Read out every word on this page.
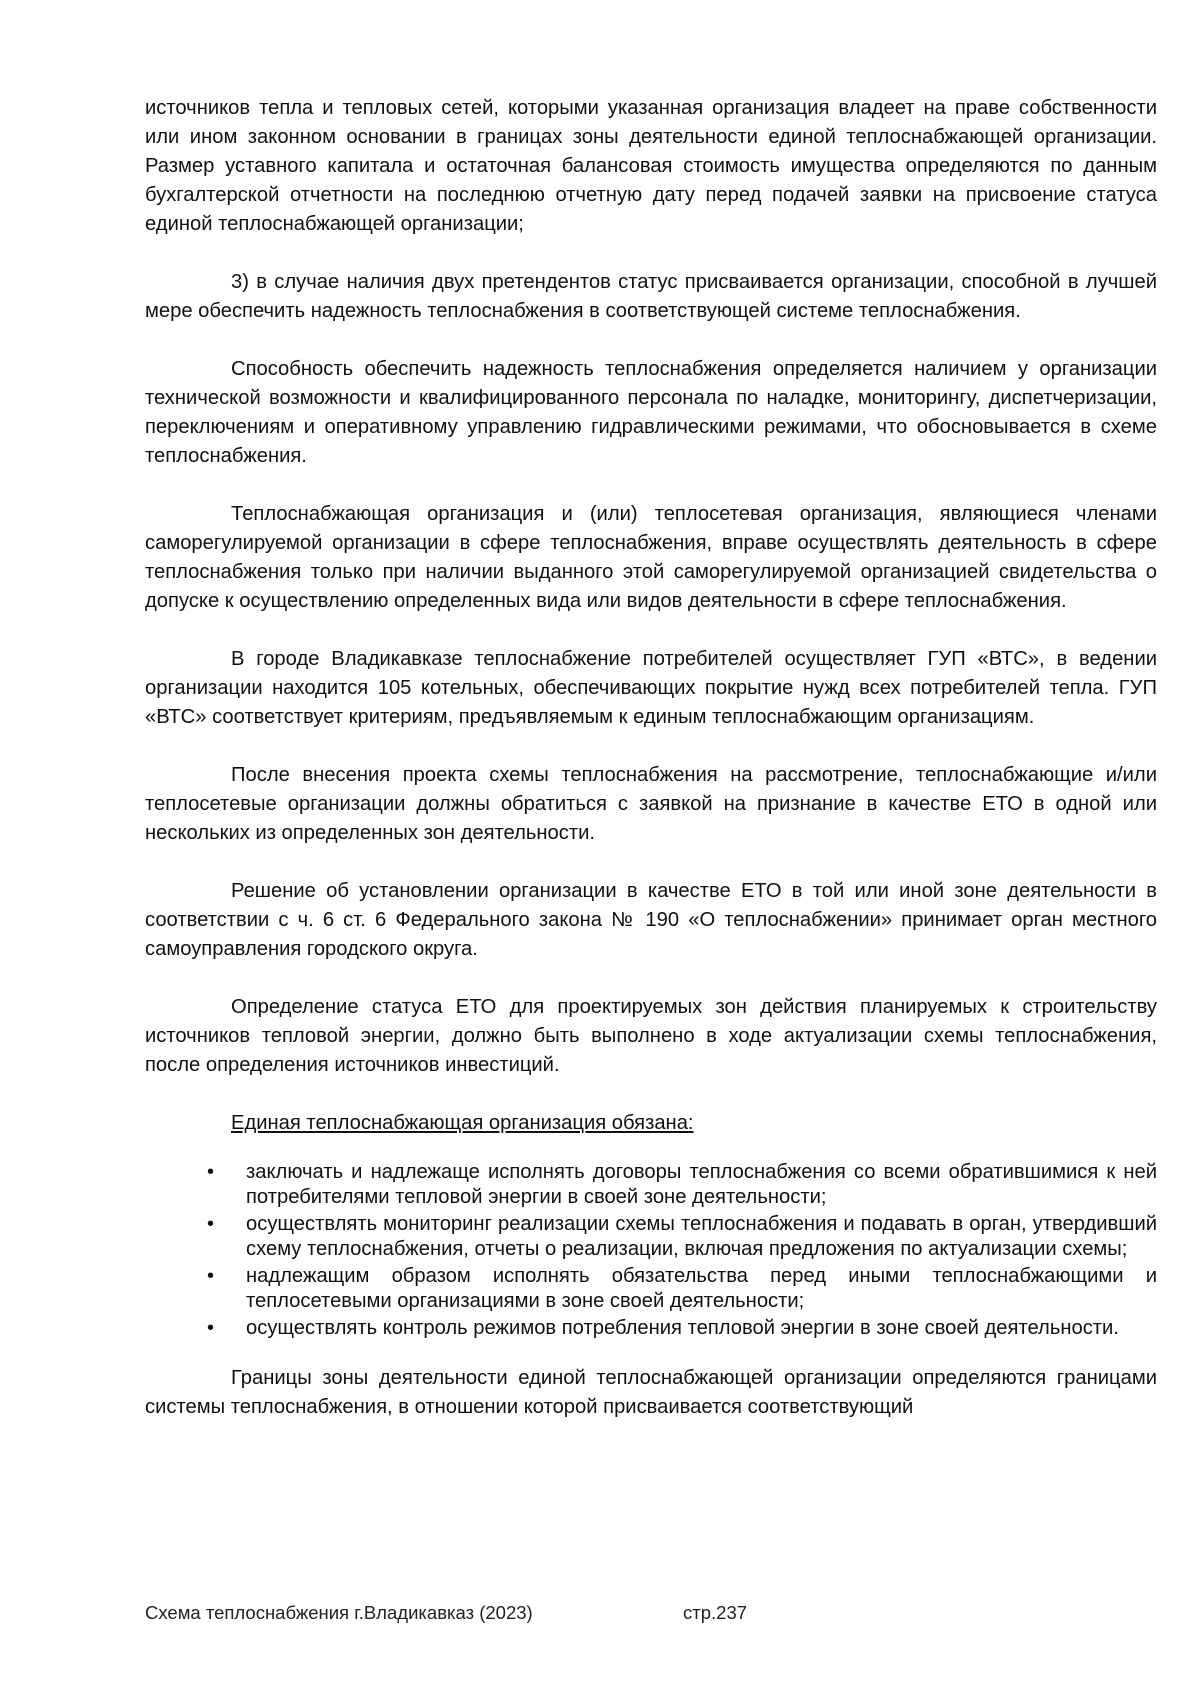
источников тепла и тепловых сетей, которыми указанная организация владеет на праве собственности или ином законном основании в границах зоны деятельности единой теплоснабжающей организации. Размер уставного капитала и остаточная балансовая стоимость имущества определяются по данным бухгалтерской отчетности на последнюю отчетную дату перед подачей заявки на присвоение статуса единой теплоснабжающей организации;

3) в случае наличия двух претендентов статус присваивается организации, способной в лучшей мере обеспечить надежность теплоснабжения в соответствующей системе теплоснабжения.

Способность обеспечить надежность теплоснабжения определяется наличием у организации технической возможности и квалифицированного персонала по наладке, мониторингу, диспетчеризации, переключениям и оперативному управлению гидравлическими режимами, что обосновывается в схеме теплоснабжения.

Теплоснабжающая организация и (или) теплосетевая организация, являющиеся членами саморегулируемой организации в сфере теплоснабжения, вправе осуществлять деятельность в сфере теплоснабжения только при наличии выданного этой саморегулируемой организацией свидетельства о допуске к осуществлению определенных вида или видов деятельности в сфере теплоснабжения.

В городе Владикавказе теплоснабжение потребителей осуществляет ГУП «ВТС», в ведении организации находится 105 котельных, обеспечивающих покрытие нужд всех потребителей тепла. ГУП «ВТС» соответствует критериям, предъявляемым к единым теплоснабжающим организациям.

После внесения проекта схемы теплоснабжения на рассмотрение, теплоснабжающие и/или теплосетевые организации должны обратиться с заявкой на признание в качестве ЕТО в одной или нескольких из определенных зон деятельности.

Решение об установлении организации в качестве ЕТО в той или иной зоне деятельности в соответствии с ч. 6 ст. 6 Федерального закона № 190 «О теплоснабжении» принимает орган местного самоуправления городского округа.

Определение статуса ЕТО для проектируемых зон действия планируемых к строительству источников тепловой энергии, должно быть выполнено в ходе актуализации схемы теплоснабжения, после определения источников инвестиций.

Единая теплоснабжающая организация обязана:

• заключать и надлежаще исполнять договоры теплоснабжения со всеми обратившимися к ней потребителями тепловой энергии в своей зоне деятельности;
• осуществлять мониторинг реализации схемы теплоснабжения и подавать в орган, утвердивший схему теплоснабжения, отчеты о реализации, включая предложения по актуализации схемы;
• надлежащим образом исполнять обязательства перед иными теплоснабжающими и теплосетевыми организациями в зоне своей деятельности;
• осуществлять контроль режимов потребления тепловой энергии в зоне своей деятельности.

Границы зоны деятельности единой теплоснабжающей организации определяются границами системы теплоснабжения, в отношении которой присваивается соответствующий

Схема теплоснабжения г.Владикавказ (2023)	стр.237
